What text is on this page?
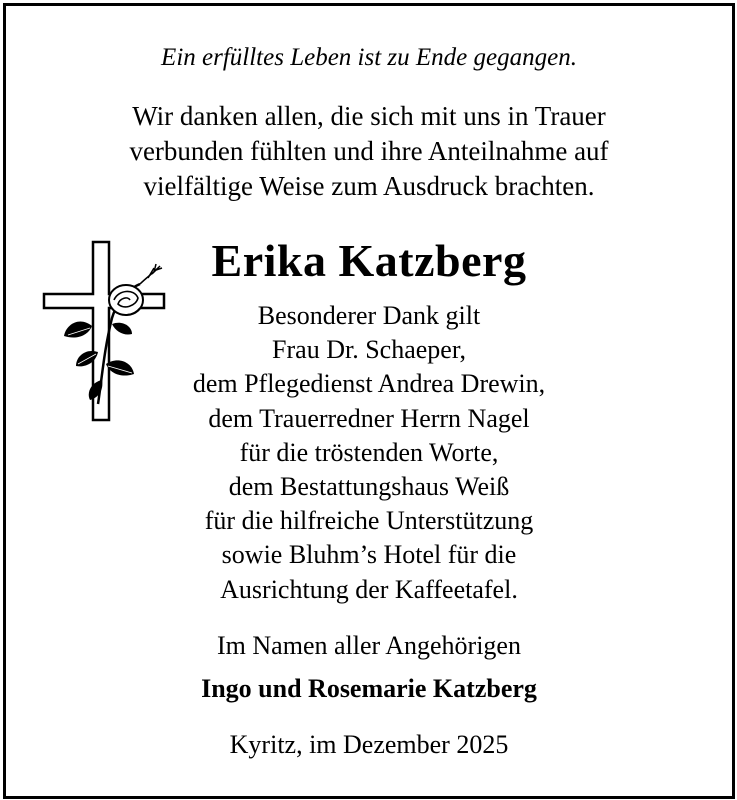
Ein erfülltes Leben ist zu Ende gegangen.
Wir danken allen, die sich mit uns in Trauer
verbunden fühlten und ihre Anteilnahme auf
vielfältige Weise zum Ausdruck brachten.
Erika Katzberg
Besonderer Dank gilt
Frau Dr. Schaeper,
dem Pflegedienst Andrea Drewin,
dem Trauerredner Herrn Nagel
für die tröstenden Worte,
dem Bestattungshaus Weiß
für die hilfreiche Unterstützung
sowie Bluhm’s Hotel für die
Ausrichtung der Kaffeetafel.
Im Namen aller Angehörigen
Ingo und Rosemarie Katzberg
Kyritz, im Dezember 2025
